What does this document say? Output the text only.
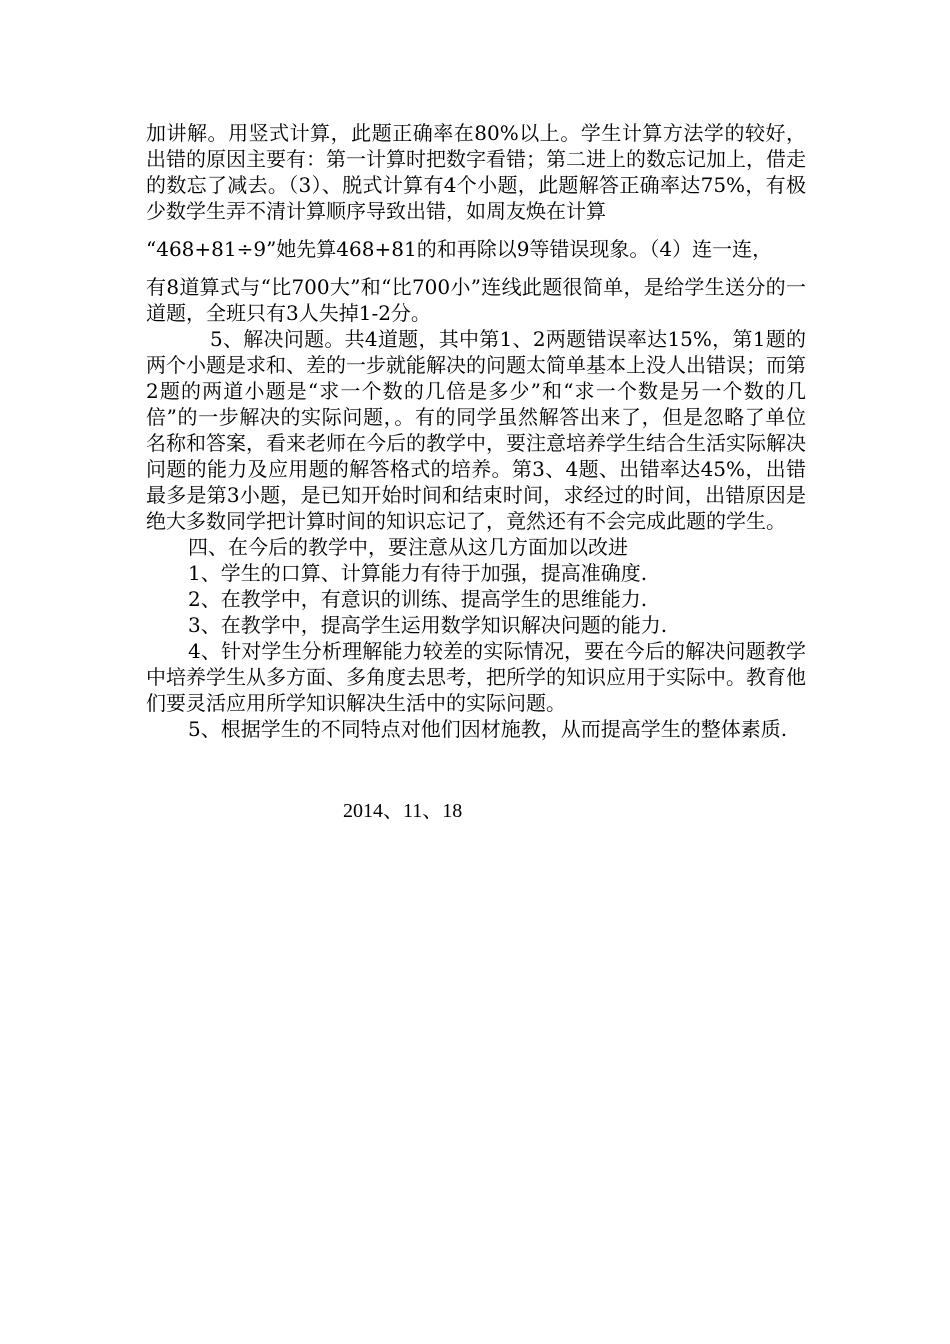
加讲解。用竖式计算，此题正确率在80%以上。学生计算方法学的较好，出错的原因主要有：第一计算时把数字看错；第二进上的数忘记加上，借走的数忘了减去。（3）、脱式计算有4个小题，此题解答正确率达75%，有极少数学生弄不清计算顺序导致出错，如周友焕在计算

“468+81÷9”她先算468+81的和再除以9等错误现象。（4）连一连，

有8道算式与“比700大”和“比700小”连线此题很简单，是给学生送分的一道题，全班只有3人失掉1-2分。

5、解决问题。共4道题，其中第1、2两题错误率达15%，第1题的两个小题是求和、差的一步就能解决的问题太简单基本上没人出错误；而第2题的两道小题是“求一个数的几倍是多少”和“求一个数是另一个数的几倍”的一步解决的实际问题，。有的同学虽然解答出来了，但是忽略了单位名称和答案，看来老师在今后的教学中，要注意培养学生结合生活实际解决问题的能力及应用题的解答格式的培养。第3、4题、出错率达45%，出错最多是第3小题，是已知开始时间和结束时间，求经过的时间，出错原因是绝大多数同学把计算时间的知识忘记了，竟然还有不会完成此题的学生。

四、在今后的教学中，要注意从这几方面加以改进

1、学生的口算、计算能力有待于加强，提高准确度.

2、在教学中，有意识的训练、提高学生的思维能力.

3、在教学中，提高学生运用数学知识解决问题的能力.

4、针对学生分析理解能力较差的实际情况，要在今后的解决问题教学中培养学生从多方面、多角度去思考，把所学的知识应用于实际中。教育他们要灵活应用所学知识解决生活中的实际问题。

5、根据学生的不同特点对他们因材施教，从而提高学生的整体素质.

2014、11、18
